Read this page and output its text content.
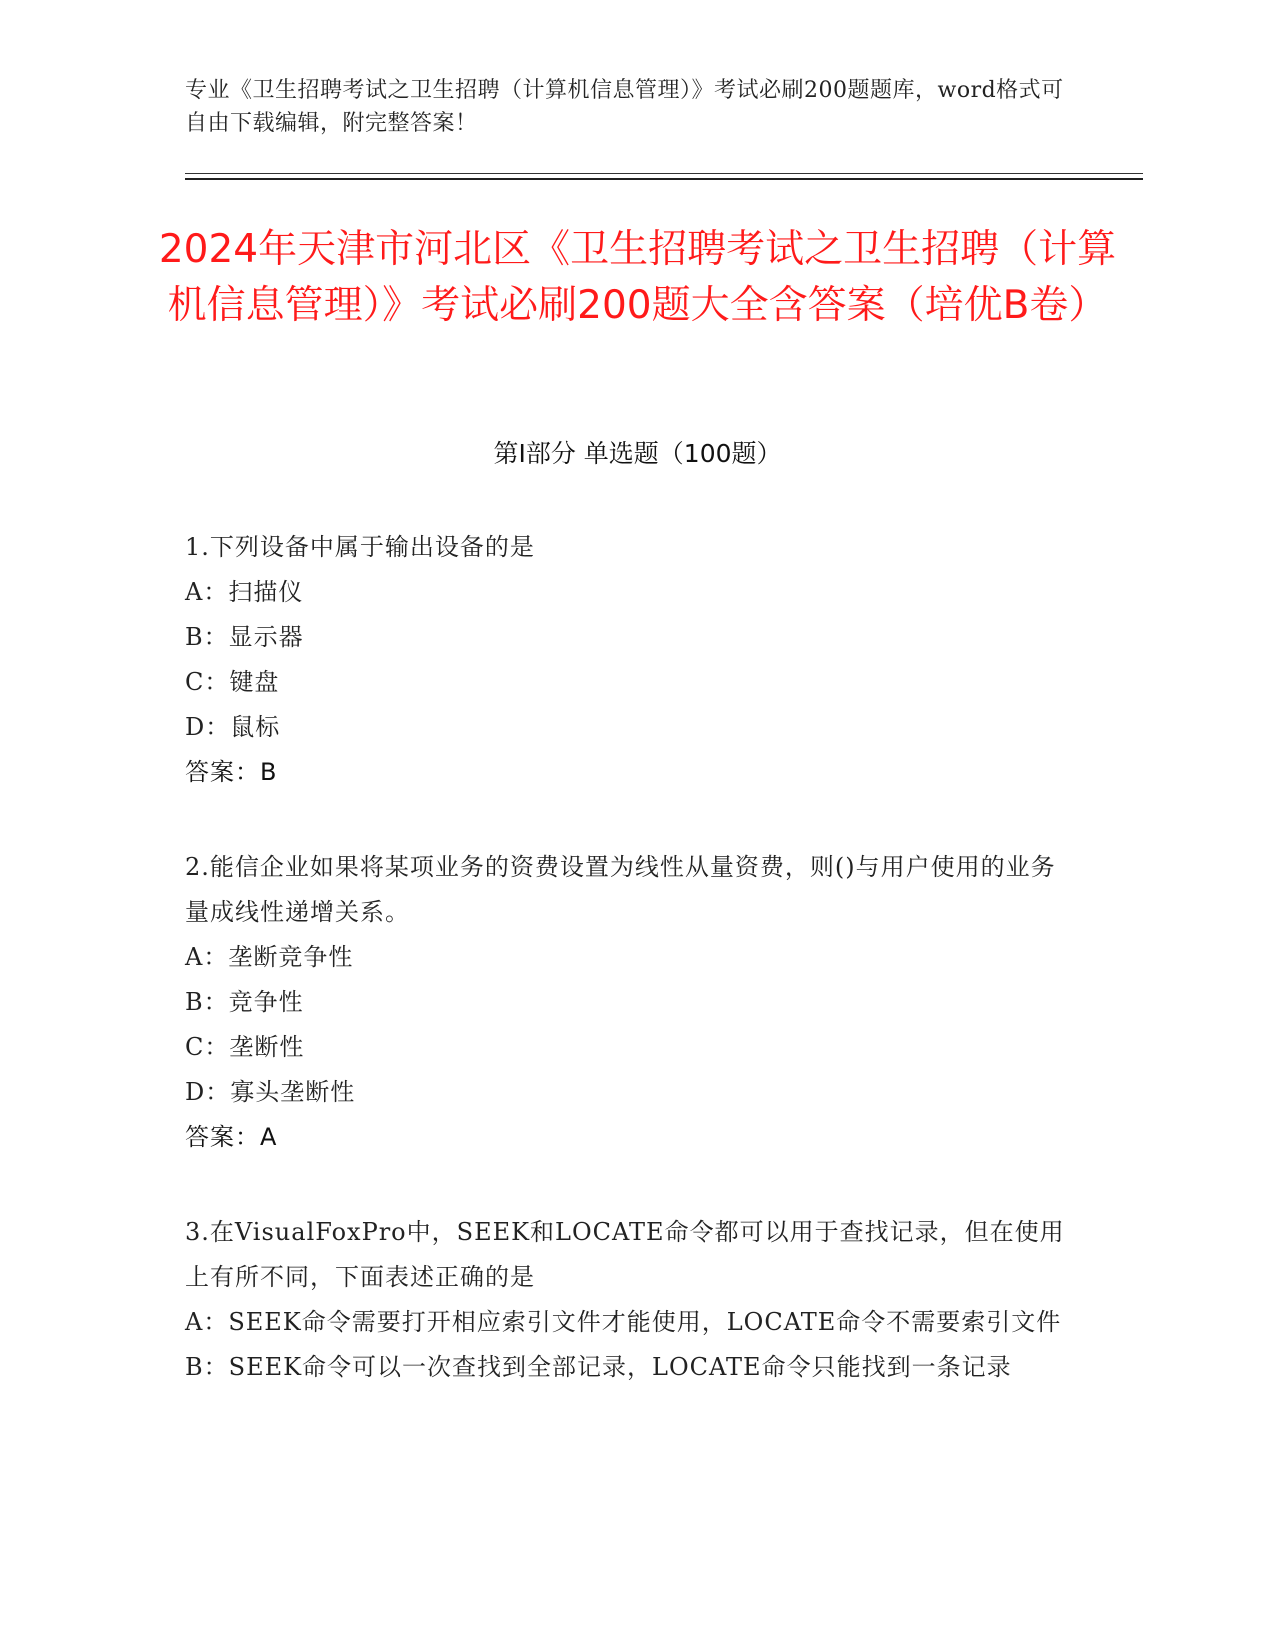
专业《卫生招聘考试之卫生招聘（计算机信息管理）》考试必刷200题题库，word格式可自由下载编辑，附完整答案！
2024年天津市河北区《卫生招聘考试之卫生招聘（计算机信息管理）》考试必刷200题大全含答案（培优B卷）
第I部分 单选题（100题）

1.下列设备中属于输出设备的是

A：扫描仪

B：显示器

C：键盘

D：鼠标

答案：B

2.能信企业如果将某项业务的资费设置为线性从量资费，则()与用户使用的业务量成线性递增关系。

A：垄断竞争性

B：竞争性

C：垄断性

D：寡头垄断性

答案：A

3.在VisualFoxPro中，SEEK和LOCATE命令都可以用于查找记录，但在使用上有所不同，下面表述正确的是

A：SEEK命令需要打开相应索引文件才能使用，LOCATE命令不需要索引文件

B：SEEK命令可以一次查找到全部记录，LOCATE命令只能找到一条记录
